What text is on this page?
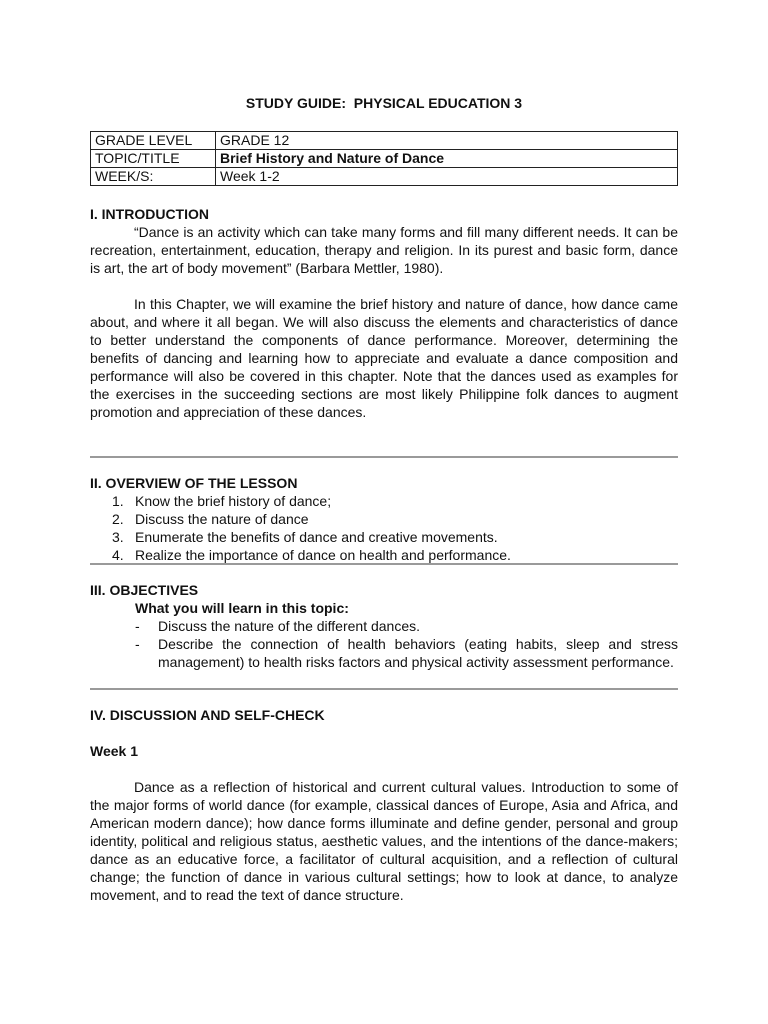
STUDY GUIDE:  PHYSICAL EDUCATION 3
GRADE LEVEL	GRADE 12
TOPIC/TITLE	Brief History and Nature of Dance
WEEK/S:	Week 1-2
I. INTRODUCTION
“Dance is an activity which can take many forms and fill many different needs. It can be recreation, entertainment, education, therapy and religion. In its purest and basic form, dance is art, the art of body movement” (Barbara Mettler, 1980).
In this Chapter, we will examine the brief history and nature of dance, how dance came about, and where it all began. We will also discuss the elements and characteristics of dance to better understand the components of dance performance. Moreover, determining the benefits of dancing and learning how to appreciate and evaluate a dance composition and performance will also be covered in this chapter. Note that the dances used as examples for the exercises in the succeeding sections are most likely Philippine folk dances to augment promotion and appreciation of these dances.
II. OVERVIEW OF THE LESSON
1. Know the brief history of dance;
2. Discuss the nature of dance
3. Enumerate the benefits of dance and creative movements.
4. Realize the importance of dance on health and performance.
III. OBJECTIVES
What you will learn in this topic:
- Discuss the nature of the different dances.
- Describe the connection of health behaviors (eating habits, sleep and stress management) to health risks factors and physical activity assessment performance.
IV. DISCUSSION AND SELF-CHECK
Week 1
Dance as a reflection of historical and current cultural values. Introduction to some of the major forms of world dance (for example, classical dances of Europe, Asia and Africa, and American modern dance); how dance forms illuminate and define gender, personal and group identity, political and religious status, aesthetic values, and the intentions of the dance-makers; dance as an educative force, a facilitator of cultural acquisition, and a reflection of cultural change; the function of dance in various cultural settings; how to look at dance, to analyze movement, and to read the text of dance structure.
